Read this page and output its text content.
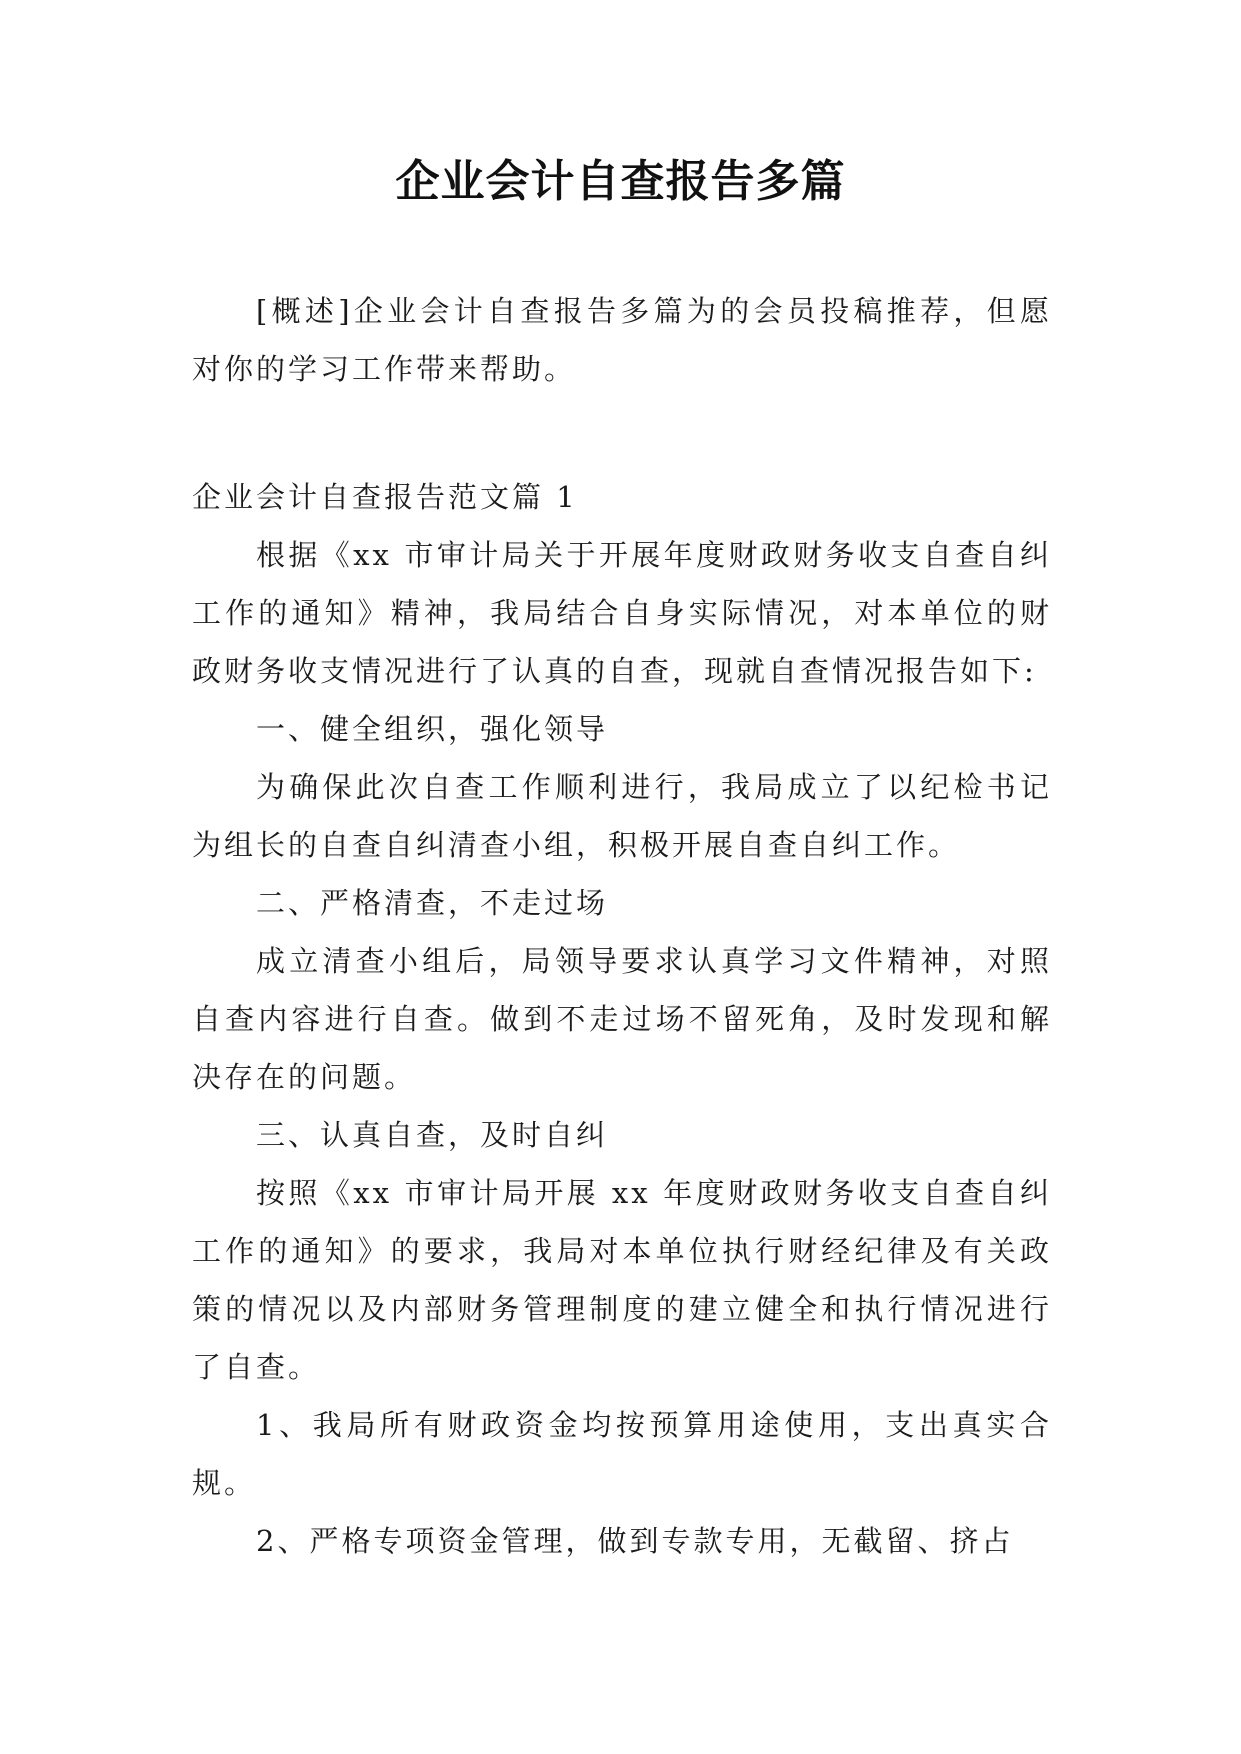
企业会计自查报告多篇

[概述]企业会计自查报告多篇为的会员投稿推荐，但愿对你的学习工作带来帮助。

企业会计自查报告范文篇 1

根据《xx 市审计局关于开展年度财政财务收支自查自纠工作的通知》精神，我局结合自身实际情况，对本单位的财政财务收支情况进行了认真的自查，现就自查情况报告如下:

一、健全组织，强化领导

为确保此次自查工作顺利进行，我局成立了以纪检书记为组长的自查自纠清查小组，积极开展自查自纠工作。

二、严格清查，不走过场

成立清查小组后，局领导要求认真学习文件精神，对照自查内容进行自查。做到不走过场不留死角，及时发现和解决存在的问题。

三、认真自查，及时自纠

按照《xx 市审计局开展 xx 年度财政财务收支自查自纠工作的通知》的要求，我局对本单位执行财经纪律及有关政策的情况以及内部财务管理制度的建立健全和执行情况进行了自查。

1、我局所有财政资金均按预算用途使用，支出真实合规。

2、严格专项资金管理，做到专款专用，无截留、挤占
